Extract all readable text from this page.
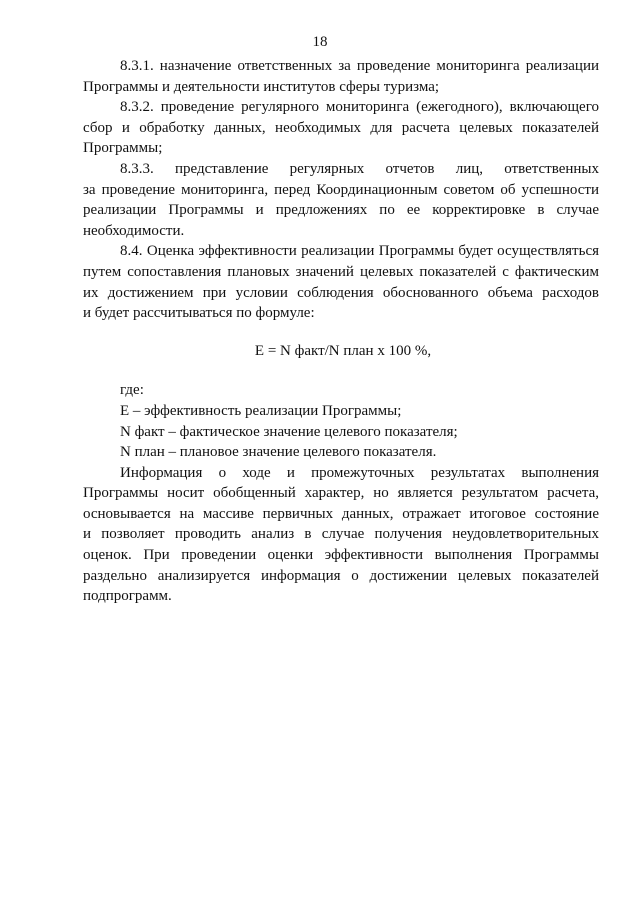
18
8.3.1. назначение ответственных за проведение мониторинга реализации
Программы и деятельности институтов сферы туризма;
8.3.2. проведение регулярного мониторинга (ежегодного), включающего
сбор и обработку данных, необходимых для расчета целевых показателей
Программы;
8.3.3. представление регулярных отчетов лиц, ответственных
за проведение мониторинга, перед Координационным советом об успешности
реализации Программы и предложениях по ее корректировке в случае
необходимости.
8.4. Оценка эффективности реализации Программы будет осуществляться
путем сопоставления плановых значений целевых показателей с фактическим
их достижением при условии соблюдения обоснованного объема расходов
и будет рассчитываться по формуле:
E = N факт/N план х 100 %,
где:
E – эффективность реализации Программы;
N факт – фактическое значение целевого показателя;
N план – плановое значение целевого показателя.
Информация о ходе и промежуточных результатах выполнения
Программы носит обобщенный характер, но является результатом расчета,
основывается на массиве первичных данных, отражает итоговое состояние
и позволяет проводить анализ в случае получения неудовлетворительных
оценок. При проведении оценки эффективности выполнения Программы
раздельно анализируется информация о достижении целевых показателей
подпрограмм.
